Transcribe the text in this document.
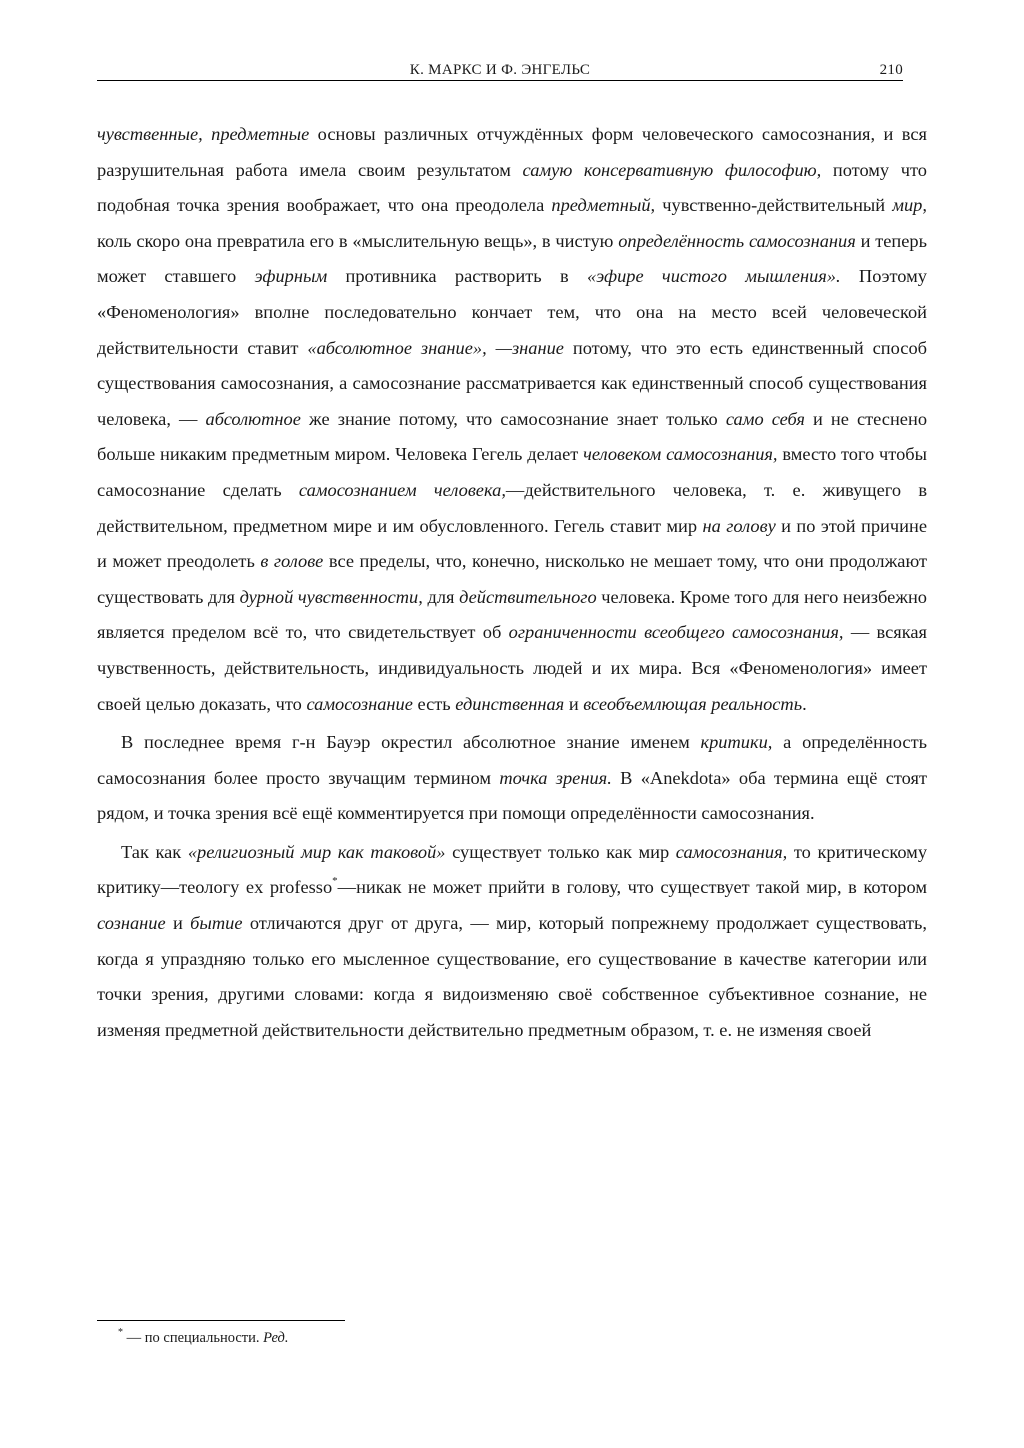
К. МАРКС И Ф. ЭНГЕЛЬС	210

чувственные, предметные основы различных отчуждённых форм человеческого самосознания, и вся разрушительная работа имела своим результатом самую консервативную философию, потому что подобная точка зрения воображает, что она преодолела предметный, чувственно-действительный мир, коль скоро она превратила его в «мыслительную вещь», в чистую определённость самосознания и теперь может ставшего эфирным противника растворить в «эфире чистого мышления». Поэтому «Феноменология» вполне последовательно кончает тем, что она на место всей человеческой действительности ставит «абсолютное знание», —знание потому, что это есть единственный способ существования самосознания, а самосознание рассматривается как единственный способ существования человека, — абсолютное же знание потому, что самосознание знает только само себя и не стеснено больше никаким предметным миром. Человека Гегель делает человеком самосознания, вместо того чтобы самосознание сделать самосознанием человека,—действительного человека, т. е. живущего в действительном, предметном мире и им обусловленного. Гегель ставит мир на голову и по этой причине и может преодолеть в голове все пределы, что, конечно, нисколько не мешает тому, что они продолжают существовать для дурной чувственности, для действительного человека. Кроме того для него неизбежно является пределом всё то, что свидетельствует об ограниченности всеобщего самосознания, — всякая чувственность, действительность, индивидуальность людей и их мира. Вся «Феноменология» имеет своей целью доказать, что самосознание есть единственная и всеобъемлющая реальность.

В последнее время г-н Бауэр окрестил абсолютное знание именем критики, а определённость самосознания более просто звучащим термином точка зрения. В «Anekdota» оба термина ещё стоят рядом, и точка зрения всё ещё комментируется при помощи определённости самосознания.

Так как «религиозный мир как таковой» существует только как мир самосознания, то критическому критику—теологу ex professo*—никак не может прийти в голову, что существует такой мир, в котором сознание и бытие отличаются друг от друга, — мир, который попрежнему продолжает существовать, когда я упраздняю только его мысленное существование, его существование в качестве категории или точки зрения, другими словами: когда я видоизменяю своё собственное субъективное сознание, не изменяя предметной действительности действительно предметным образом, т. е. не изменяя своей

* — по специальности. Ред.
